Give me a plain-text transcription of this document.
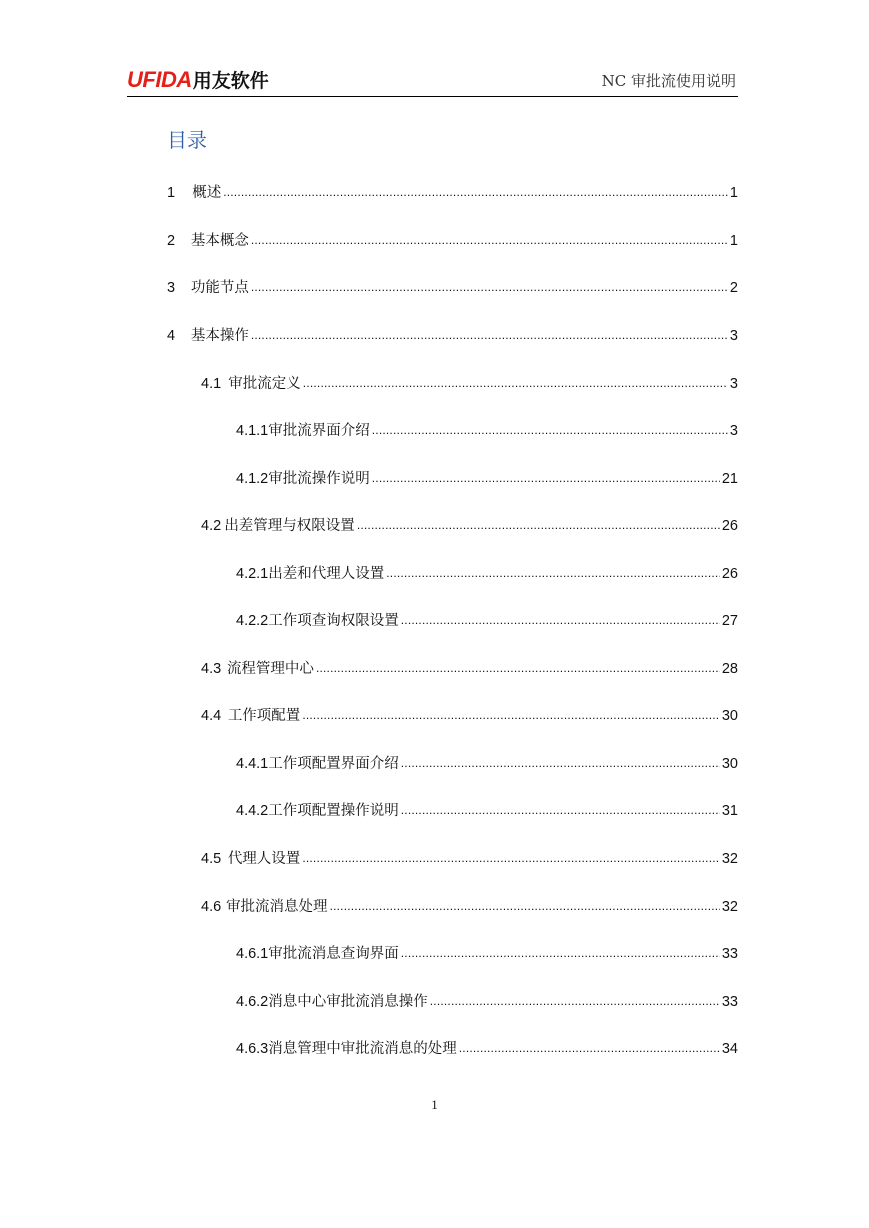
UFIDA用友软件	NC 审批流使用说明
目录
1	概述 .....	1
2	基本概念 .....	1
3	功能节点 .....	2
4	基本操作 .....	3
4.1 审批流定义 .....	3
4.1.1 审批流界面介绍 .....	3
4.1.2 审批流操作说明 .....	21
4.2 出差管理与权限设置 .....	26
4.2.1 出差和代理人设置 .....	26
4.2.2 工作项查询权限设置 .....	27
4.3 流程管理中心 .....	28
4.4 工作项配置 .....	30
4.4.1 工作项配置界面介绍 .....	30
4.4.2 工作项配置操作说明 .....	31
4.5 代理人设置 .....	32
4.6 审批流消息处理 .....	32
4.6.1 审批流消息查询界面 .....	33
4.6.2 消息中心审批流消息操作 .....	33
4.6.3 消息管理中审批流消息的处理 .....	34
1
